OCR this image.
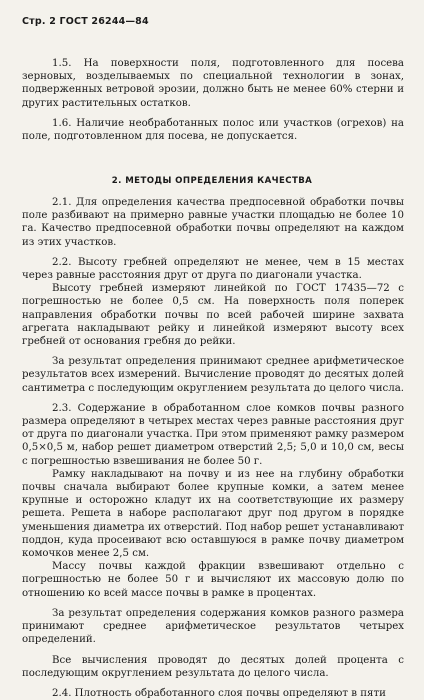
Стр. 2 ГОСТ 26244—84

1.5. На поверхности поля, подготовленного для посева зерновых, возделываемых по специальной технологии в зонах, подверженных ветровой эрозии, должно быть не менее 60% стерни и других растительных остатков.

1.6. Наличие необработанных полос или участков (огрехов) на поле, подготовленном для посева, не допускается.

2. МЕТОДЫ ОПРЕДЕЛЕНИЯ КАЧЕСТВА

2.1. Для определения качества предпосевной обработки почвы поле разбивают на примерно равные участки площадью не более 10 га. Качество предпосевной обработки почвы определяют на каждом из этих участков.

2.2. Высоту гребней определяют не менее, чем в 15 местах через равные расстояния друг от друга по диагонали участка.

Высоту гребней измеряют линейкой по ГОСТ 17435—72 с погрешностью не более 0,5 см. На поверхность поля поперек направления обработки почвы по всей рабочей ширине захвата агрегата накладывают рейку и линейкой измеряют высоту всех гребней от основания гребня до рейки.

За результат определения принимают среднее арифметическое результатов всех измерений. Вычисление проводят до десятых долей сантиметра с последующим округлением результата до целого числа.

2.3. Содержание в обработанном слое комков почвы разного размера определяют в четырех местах через равные расстояния друг от друга по диагонали участка. При этом применяют рамку размером 0,5×0,5 м, набор решет диаметром отверстий 2,5; 5,0 и 10,0 см, весы с погрешностью взвешивания не более 50 г.

Рамку накладывают на почву и из нее на глубину обработки почвы сначала выбирают более крупные комки, а затем менее крупные и осторожно кладут их на соответствующие их размеру решета. Решета в наборе располагают друг под другом в порядке уменьшения диаметра их отверстий. Под набор решет устанавливают поддон, куда просеивают всю оставшуюся в рамке почву диаметром комочков менее 2,5 см.

Массу почвы каждой фракции взвешивают отдельно с погрешностью не более 50 г и вычисляют их массовую долю по отношению ко всей массе почвы в рамке в процентах.

За результат определения содержания комков разного размера принимают среднее арифметическое результатов четырех определений.

Все вычисления проводят до десятых долей процента с последующим округлением результата до целого числа.

2.4. Плотность обработанного слоя почвы определяют в пяти
